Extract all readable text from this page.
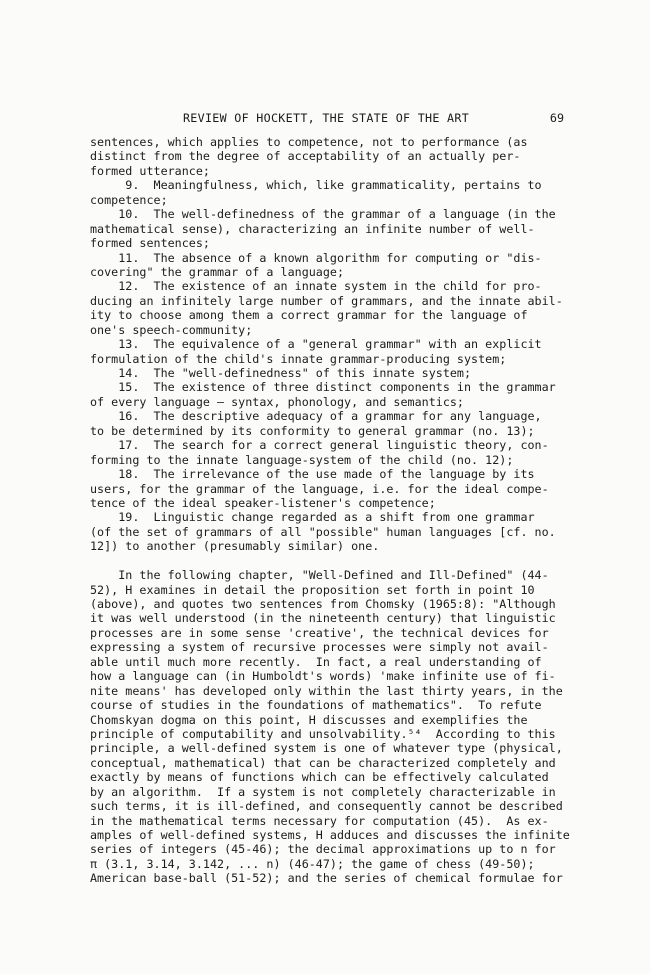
REVIEW OF HOCKETT, THE STATE OF THE ART	69
sentences, which applies to competence, not to performance (as
distinct from the degree of acceptability of an actually per-
formed utterance;
9.  Meaningfulness, which, like grammaticality, pertains to
competence;
10.  The well-definedness of the grammar of a language (in the
mathematical sense), characterizing an infinite number of well-
formed sentences;
11.  The absence of a known algorithm for computing or "dis-
covering" the grammar of a language;
12.  The existence of an innate system in the child for pro-
ducing an infinitely large number of grammars, and the innate abil-
ity to choose among them a correct grammar for the language of
one's speech-community;
13.  The equivalence of a "general grammar" with an explicit
formulation of the child's innate grammar-producing system;
14.  The "well-definedness" of this innate system;
15.  The existence of three distinct components in the grammar
of every language — syntax, phonology, and semantics;
16.  The descriptive adequacy of a grammar for any language,
to be determined by its conformity to general grammar (no. 13);
17.  The search for a correct general linguistic theory, con-
forming to the innate language-system of the child (no. 12);
18.  The irrelevance of the use made of the language by its
users, for the grammar of the language, i.e. for the ideal compe-
tence of the ideal speaker-listener's competence;
19.  Linguistic change regarded as a shift from one grammar
(of the set of grammars of all "possible" human languages [cf. no.
12]) to another (presumably similar) one.

In the following chapter, "Well-Defined and Ill-Defined" (44-
52), H examines in detail the proposition set forth in point 10
(above), and quotes two sentences from Chomsky (1965:8): "Although
it was well understood (in the nineteenth century) that linguistic
processes are in some sense 'creative', the technical devices for
expressing a system of recursive processes were simply not avail-
able until much more recently.  In fact, a real understanding of
how a language can (in Humboldt's words) 'make infinite use of fi-
nite means' has developed only within the last thirty years, in the
course of studies in the foundations of mathematics".  To refute
Chomskyan dogma on this point, H discusses and exemplifies the
principle of computability and unsolvability.⁵⁴  According to this
principle, a well-defined system is one of whatever type (physical,
conceptual, mathematical) that can be characterized completely and
exactly by means of functions which can be effectively calculated
by an algorithm.  If a system is not completely characterizable in
such terms, it is ill-defined, and consequently cannot be described
in the mathematical terms necessary for computation (45).  As ex-
amples of well-defined systems, H adduces and discusses the infinite
series of integers (45-46); the decimal approximations up to n for
π (3.1, 3.14, 3.142, ... n) (46-47); the game of chess (49-50);
American base-ball (51-52); and the series of chemical formulae for
